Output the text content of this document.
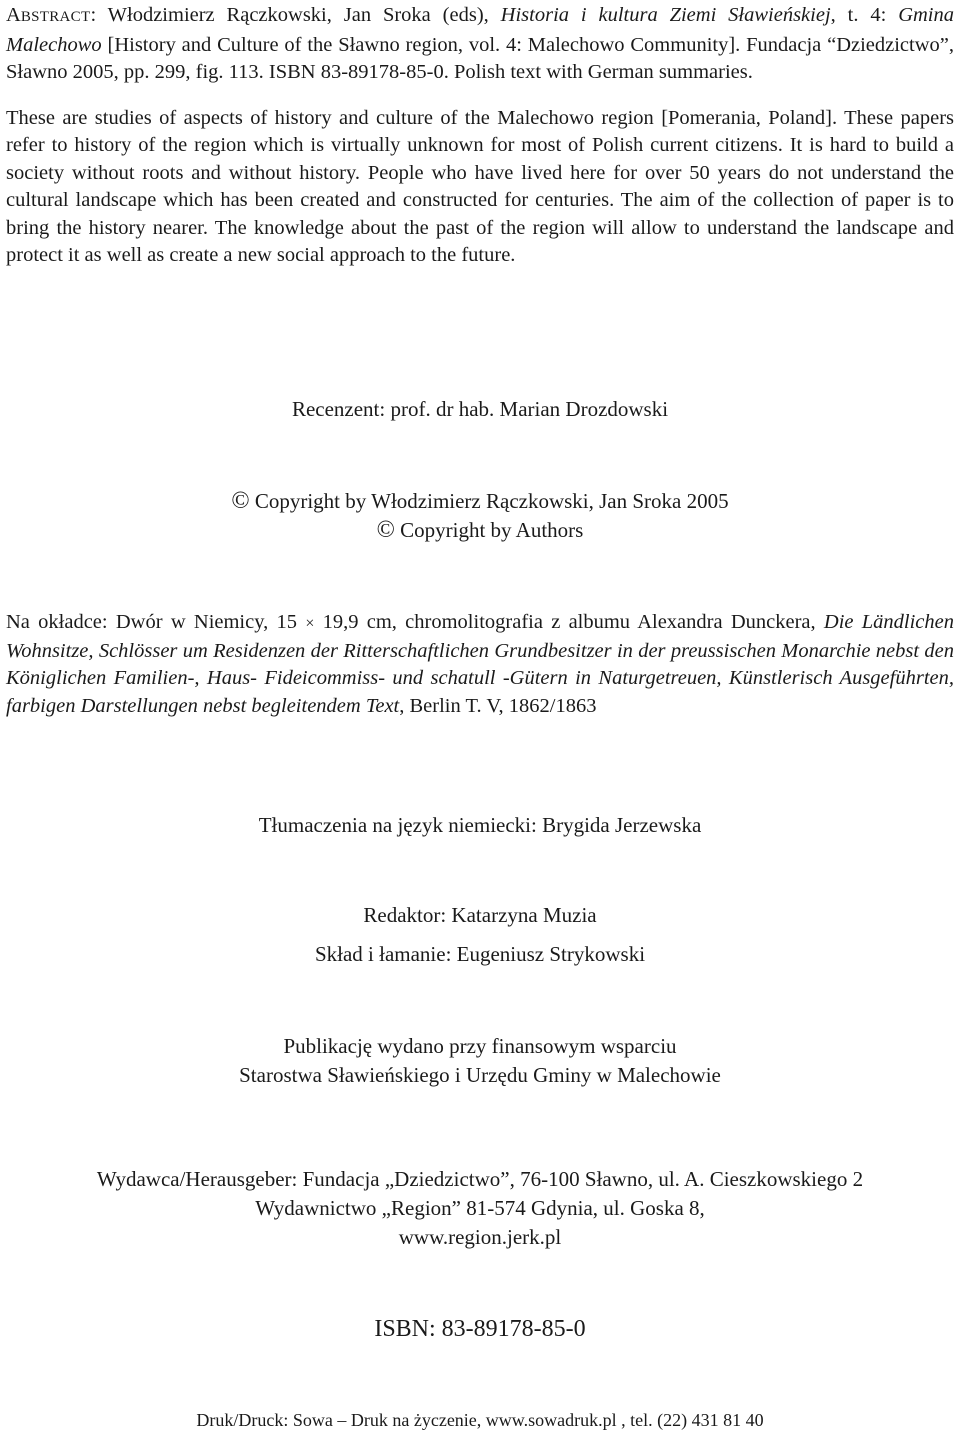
ABSTRACT: Włodzimierz Rączkowski, Jan Sroka (eds), Historia i kultura Ziemi Sławieńskiej, t. 4: Gmina Malechowo [History and Culture of the Sławno region, vol. 4: Malechowo Community]. Fundacja “Dziedzictwo”, Sławno 2005, pp. 299, fig. 113. ISBN 83-89178-85-0. Polish text with German summaries.

These are studies of aspects of history and culture of the Malechowo region [Pomerania, Poland]. These papers refer to history of the region which is virtually unknown for most of Polish current citizens. It is hard to build a society without roots and without history. People who have lived here for over 50 years do not understand the cultural landscape which has been created and constructed for centuries. The aim of the collection of paper is to bring the history nearer. The knowledge about the past of the region will allow to understand the landscape and protect it as well as create a new social approach to the future.

Recenzent: prof. dr hab. Marian Drozdowski
© Copyright by Włodzimierz Rączkowski, Jan Sroka 2005
© Copyright by Authors

Na okładce: Dwór w Niemicy, 15 × 19,9 cm, chromolitografia z albumu Alexandra Dunckera, Die Ländlichen Wohnsitze, Schlösser um Residenzen der Ritterschaftlichen Grundbesitzer in der preussischen Monarchie nebst den Königlichen Familien-, Haus- Fideicommiss- und schatull -Gütern in Naturgetreuen, Künstlerisch Ausgeführten, farbigen Darstellungen nebst begleitendem Text, Berlin T. V, 1862/1863

Tłumaczenia na język niemiecki: Brygida Jerzewska
Redaktor: Katarzyna Muzia
Skład i łamanie: Eugeniusz Strykowski
Publikację wydano przy finansowym wsparciu
Starostwa Sławieńskiego i Urzędu Gminy w Malechowie
Wydawca/Herausgeber: Fundacja „Dziedzictwo”, 76-100 Sławno, ul. A. Cieszkowskiego 2
Wydawnictwo „Region” 81-574 Gdynia, ul. Goska 8,
www.region.jerk.pl
ISBN: 83-89178-85-0
Druk/Druck: Sowa – Druk na życzenie, www.sowadruk.pl , tel. (22) 431 81 40
